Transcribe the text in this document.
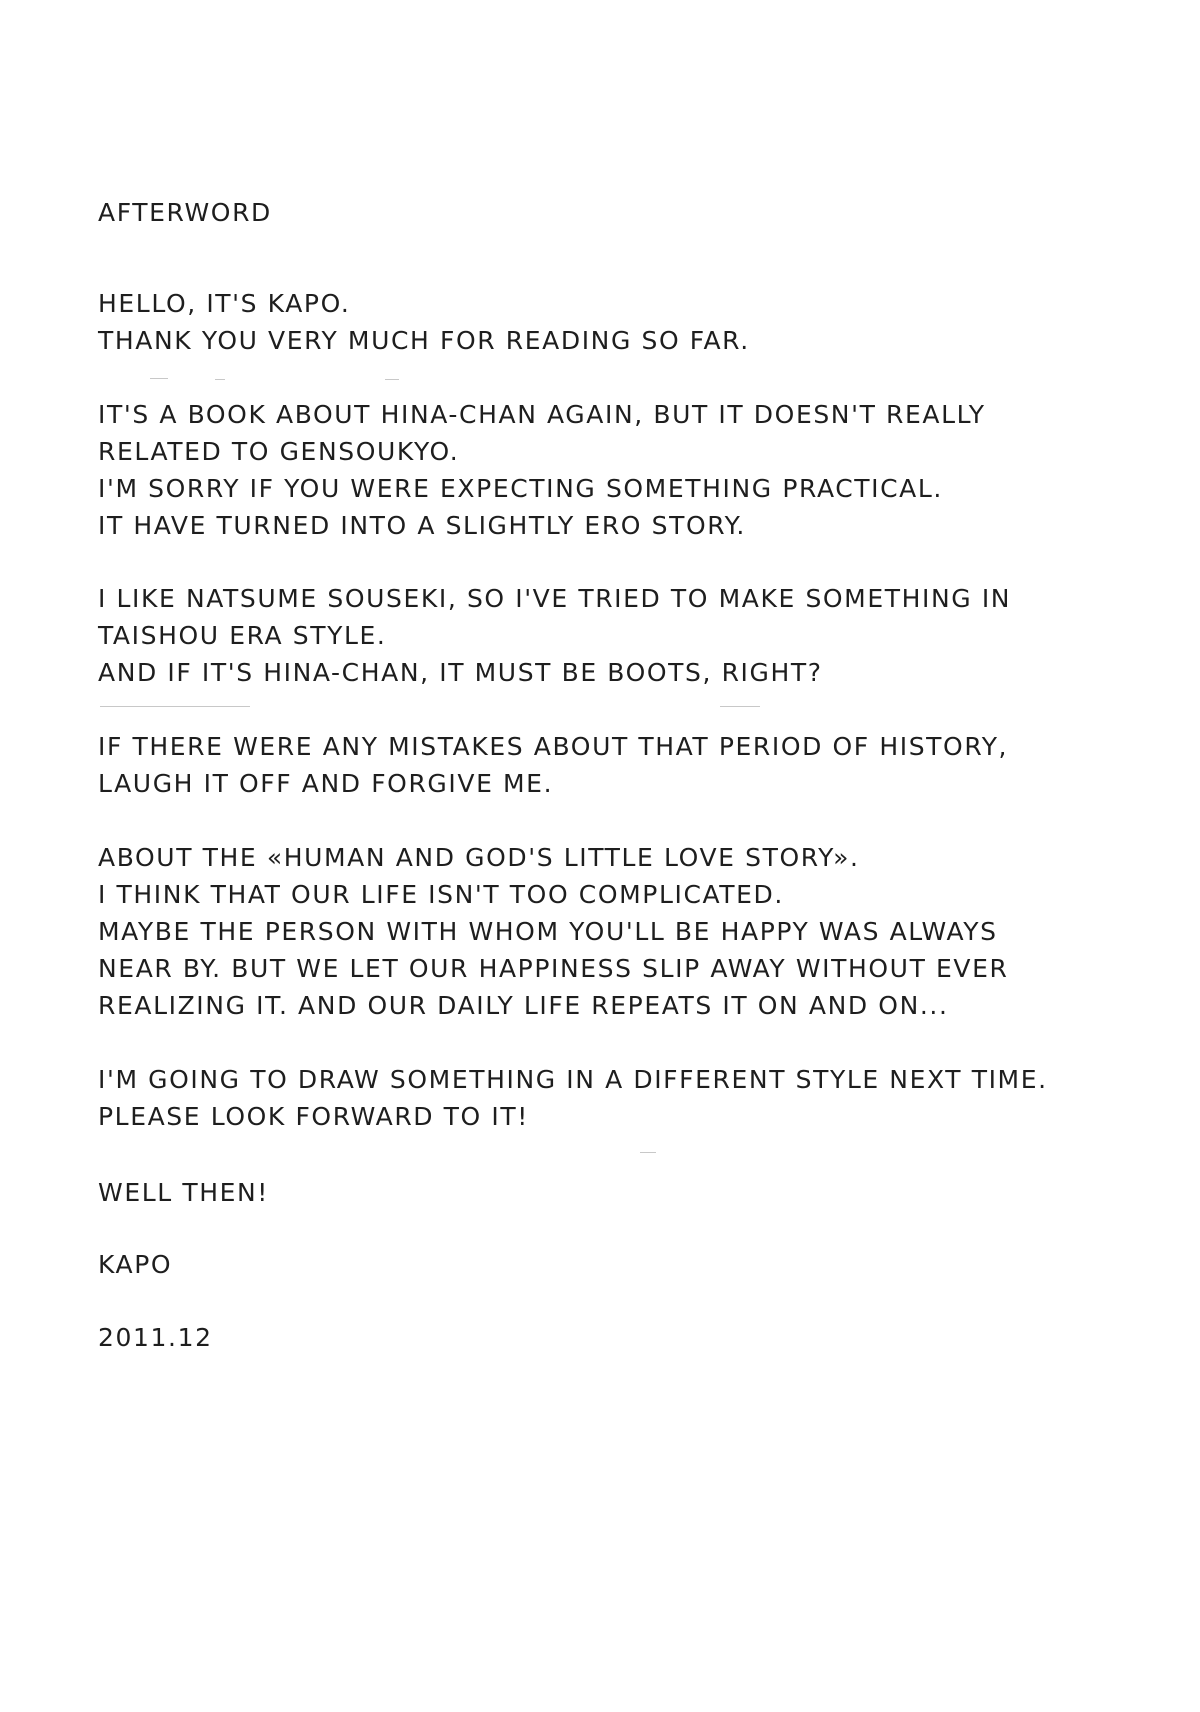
AFTERWORD

HELLO, IT'S KAPO.

THANK YOU VERY MUCH FOR READING SO FAR.

IT'S A BOOK ABOUT HINA-CHAN AGAIN, BUT IT DOESN'T REALLY

RELATED TO GENSOUKYO.

I'M SORRY IF YOU WERE EXPECTING SOMETHING PRACTICAL.

IT HAVE TURNED INTO A SLIGHTLY ERO STORY.

I LIKE NATSUME SOUSEKI, SO I'VE TRIED TO MAKE SOMETHING IN

TAISHOU ERA STYLE.

AND IF IT'S HINA-CHAN, IT MUST BE BOOTS, RIGHT?

IF THERE WERE ANY MISTAKES ABOUT THAT PERIOD OF HISTORY,

LAUGH IT OFF AND FORGIVE ME.

ABOUT THE «HUMAN AND GOD'S LITTLE LOVE STORY».

I THINK THAT OUR LIFE ISN'T TOO COMPLICATED.

MAYBE THE PERSON WITH WHOM YOU'LL BE HAPPY WAS ALWAYS

NEAR BY. BUT WE LET OUR HAPPINESS SLIP AWAY WITHOUT EVER

REALIZING IT. AND OUR DAILY LIFE REPEATS IT ON AND ON...

I'M GOING TO DRAW SOMETHING IN A DIFFERENT STYLE NEXT TIME.

PLEASE LOOK FORWARD TO IT!

WELL THEN!

KAPO

2011.12
